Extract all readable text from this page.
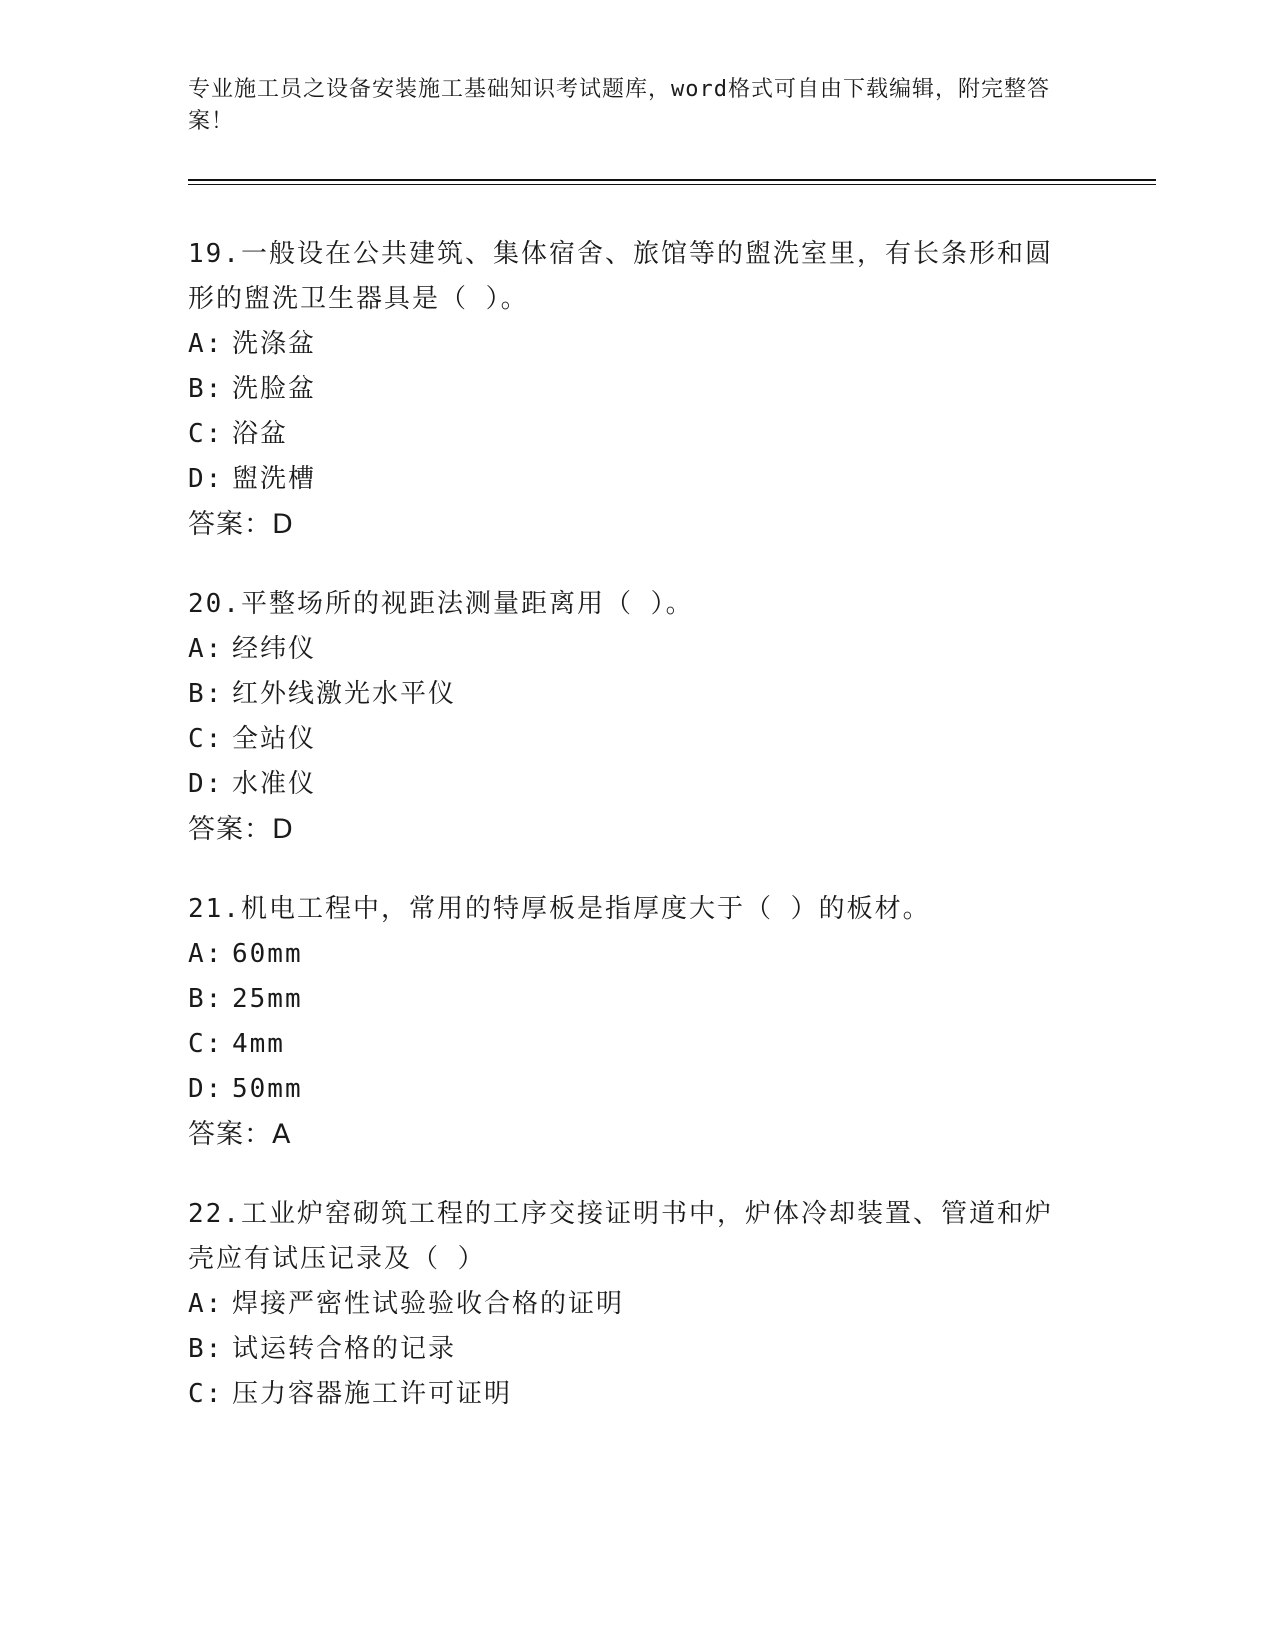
专业施工员之设备安装施工基础知识考试题库，word格式可自由下载编辑，附完整答案！

19.一般设在公共建筑、集体宿舍、旅馆等的盥洗室里，有长条形和圆形的盥洗卫生器具是（ ）。

A: 洗涤盆

B: 洗脸盆

C: 浴盆

D: 盥洗槽

答案：D

20.平整场所的视距法测量距离用（ ）。

A: 经纬仪

B: 红外线激光水平仪

C: 全站仪

D: 水准仪

答案：D

21.机电工程中，常用的特厚板是指厚度大于（ ）的板材。

A: 60mm

B: 25mm

C: 4mm

D: 50mm

答案：A

22.工业炉窑砌筑工程的工序交接证明书中，炉体冷却装置、管道和炉壳应有试压记录及（ ）

A: 焊接严密性试验验收合格的证明

B: 试运转合格的记录

C: 压力容器施工许可证明
